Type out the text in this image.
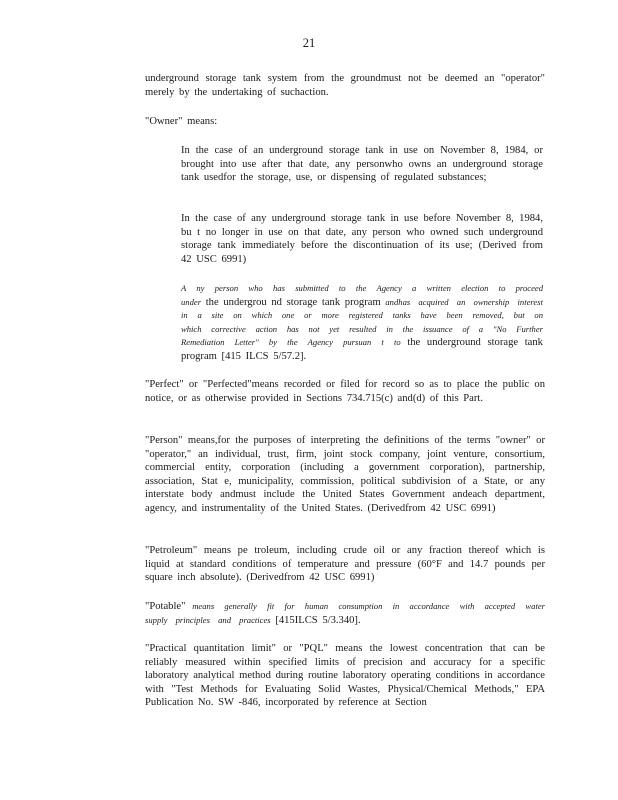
21

underground storage tank system from the groundmust not be deemed an "operator" merely by the undertaking of suchaction.

"Owner" means:

In the case of an underground storage tank in use on November 8, 1984, or brought into use after that date, any personwho owns an underground storage tank usedfor the storage, use, or dispensing of regulated substances;

In the case of any underground storage tank in use before November 8, 1984, bu t no longer in use on that date, any person who owned such underground storage tank immediately before the discontinuation of its use; (Derived from 42 USC 6991)

A ny person who has submitted to the Agency a written election to proceed under the undergrou nd storage tank program andhas acquired an ownership interest in a site on which one or more registered tanks have been removed, but on which corrective action has not yet resulted in the issuance of a "No Further Remediation Letter" by the Agency pursuan t to the underground storage tank program [415 ILCS 5/57.2].

"Perfect" or "Perfected"means recorded or filed for record so as to place the public on notice, or as otherwise provided in Sections 734.715(c) and(d) of this Part.

"Person" means,for the purposes of interpreting the definitions of the terms "owner" or "operator," an individual, trust, firm, joint stock company, joint venture, consortium, commercial entity, corporation (including a government corporation), partnership, association, Stat e, municipality, commission, political subdivision of a State, or any interstate body andmust include the United States Government andeach department, agency, and instrumentality of the United States. (Derivedfrom 42 USC 6991)

"Petroleum" means pe troleum, including crude oil or any fraction thereof which is liquid at standard conditions of temperature and pressure (60°F and 14.7 pounds per square inch absolute). (Derivedfrom 42 USC 6991)

"Potable" means generally fit for human consumption in accordance with accepted water supply principles and practices [415ILCS 5/3.340].

"Practical quantitation limit" or "PQL" means the lowest concentration that can be reliably measured within specified limits of precision and accuracy for a specific laboratory analytical method during routine laboratory operating conditions in accordance with "Test Methods for Evaluating Solid Wastes, Physical/Chemical Methods," EPA Publication No. SW -846, incorporated by reference at Section
